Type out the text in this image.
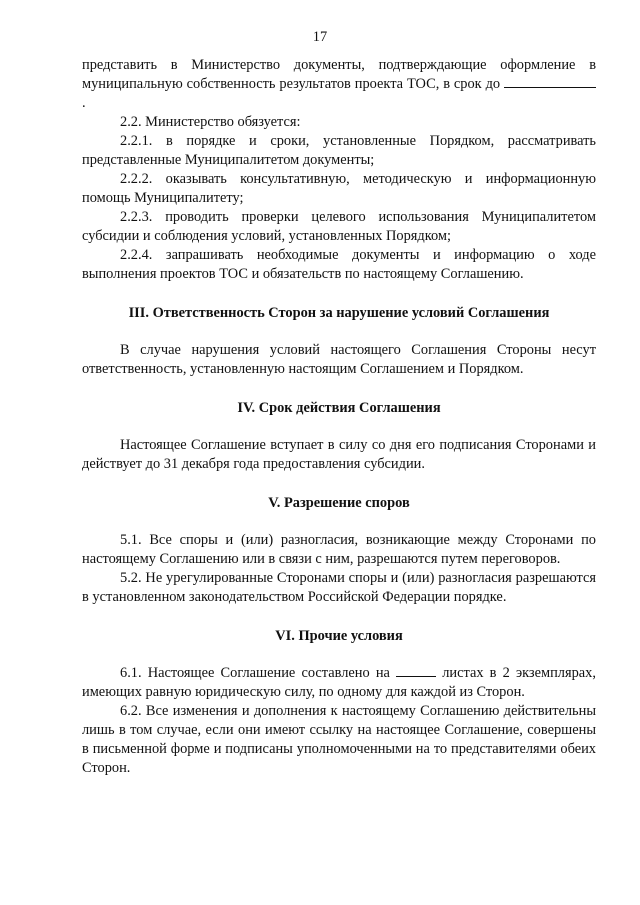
17

представить в Министерство документы, подтверждающие оформление в муниципальную собственность результатов проекта ТОС, в срок до .

2.2. Министерство обязуется:

2.2.1. в порядке и сроки, установленные Порядком, рассматривать представленные Муниципалитетом документы;

2.2.2. оказывать консультативную, методическую и информационную помощь Муниципалитету;

2.2.3. проводить проверки целевого использования Муниципалитетом субсидии и соблюдения условий, установленных Порядком;

2.2.4. запрашивать необходимые документы и информацию о ходе выполнения проектов ТОС и обязательств по настоящему Соглашению.

III. Ответственность Сторон за нарушение условий Соглашения

В случае нарушения условий настоящего Соглашения Стороны несут ответственность, установленную настоящим Соглашением и Порядком.

IV. Срок действия Соглашения

Настоящее Соглашение вступает в силу со дня его подписания Сторонами и действует до 31 декабря года предоставления субсидии.

V. Разрешение споров

5.1. Все споры и (или) разногласия, возникающие между Сторонами по настоящему Соглашению или в связи с ним, разрешаются путем переговоров.

5.2. Не урегулированные Сторонами споры и (или) разногласия разрешаются в установленном законодательством Российской Федерации порядке.

VI. Прочие условия

6.1. Настоящее Соглашение составлено на	листах в 2 экземплярах, имеющих равную юридическую силу, по одному для каждой из Сторон.

6.2. Все изменения и дополнения к настоящему Соглашению действительны лишь в том случае, если они имеют ссылку на настоящее Соглашение, совершены в письменной форме и подписаны уполномоченными на то представителями обеих Сторон.
